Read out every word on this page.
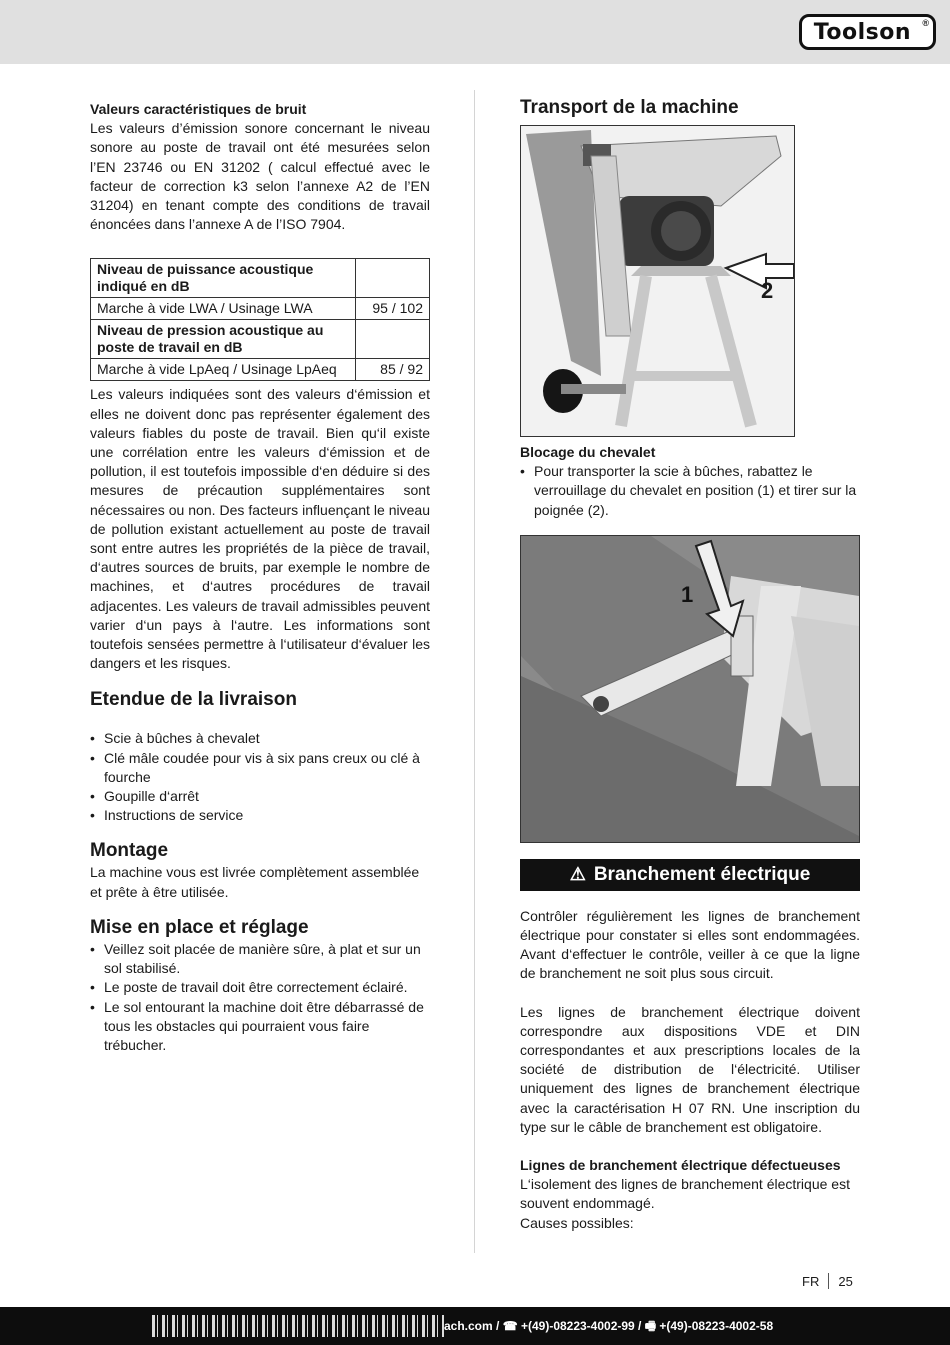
Toolson ®
Valeurs caractéristiques de bruit
Les valeurs d’émission sonore concernant le niveau sonore au poste de travail ont été mesurées selon l’EN 23746 ou EN 31202 ( calcul effectué avec le facteur de correction k3 selon l’annexe A2 de l’EN 31204) en tenant compte des conditions de travail énoncées dans l’annexe A de l’ISO 7904.
Niveau de puissance acoustique indiqué en dB	
Marche à vide LWA / Usinage LWA	95 / 102
Niveau de pression acoustique au poste de travail en dB	
Marche à vide LpAeq / Usinage LpAeq	85 / 92
Les valeurs indiquées sont des valeurs d‘émission et elles ne doivent donc pas représenter également des valeurs fiables du poste de travail. Bien qu‘il existe une corrélation entre les valeurs d‘émission et de pollution, il est toutefois impossible d‘en déduire si des mesures de précaution supplémentaires sont nécessaires ou non. Des facteurs influençant le niveau de pollution existant actuellement au poste de travail sont entre autres les propriétés de la pièce de travail, d‘autres sources de bruits, par exemple le nombre de machines, et d‘autres procédures de travail adjacentes. Les valeurs de travail admissibles peuvent varier d‘un pays à l‘autre. Les informations sont toutefois sensées permettre à l‘utilisateur d‘évaluer les dangers et les risques.
Etendue de la livraison
• Scie à bûches à chevalet
• Clé mâle coudée pour vis à six pans creux ou clé à fourche
• Goupille d‘arrêt
• Instructions de service
Montage
La machine vous est livrée complètement assemblée et prête à être utilisée.
Mise en place et réglage
• Veillez soit placée de manière sûre, à plat et sur un sol stabilisé.
• Le poste de travail doit être correctement éclairé.
• Le sol entourant la machine doit être débarrassé de tous les obstacles qui pourraient vous faire trébucher.
Transport de la machine
2
Blocage du chevalet
• Pour transporter la scie à bûches, rabattez le verrouillage du chevalet en position (1) et tirer sur la poignée (2).
1
⚠ Branchement électrique
Contrôler régulièrement les lignes de branchement électrique pour constater si elles sont endommagées. Avant d‘effectuer le contrôle, veiller à ce que la ligne de branchement ne soit plus sous circuit.
Les lignes de branchement électrique doivent correspondre aux dispositions VDE et DIN correspondantes et aux prescriptions locales de la société de distribution de l‘électricité. Utiliser uniquement des lignes de branchement électrique avec la caractérisation H 07 RN. Une inscription du type sur le câble de branchement est obligatoire.
Lignes de branchement électrique défectueuses
L‘isolement des lignes de branchement électrique est souvent endommagé.
Causes possibles:
FR 25
ach.com / ☎ +(49)-08223-4002-99 / 🖷 +(49)-08223-4002-58
